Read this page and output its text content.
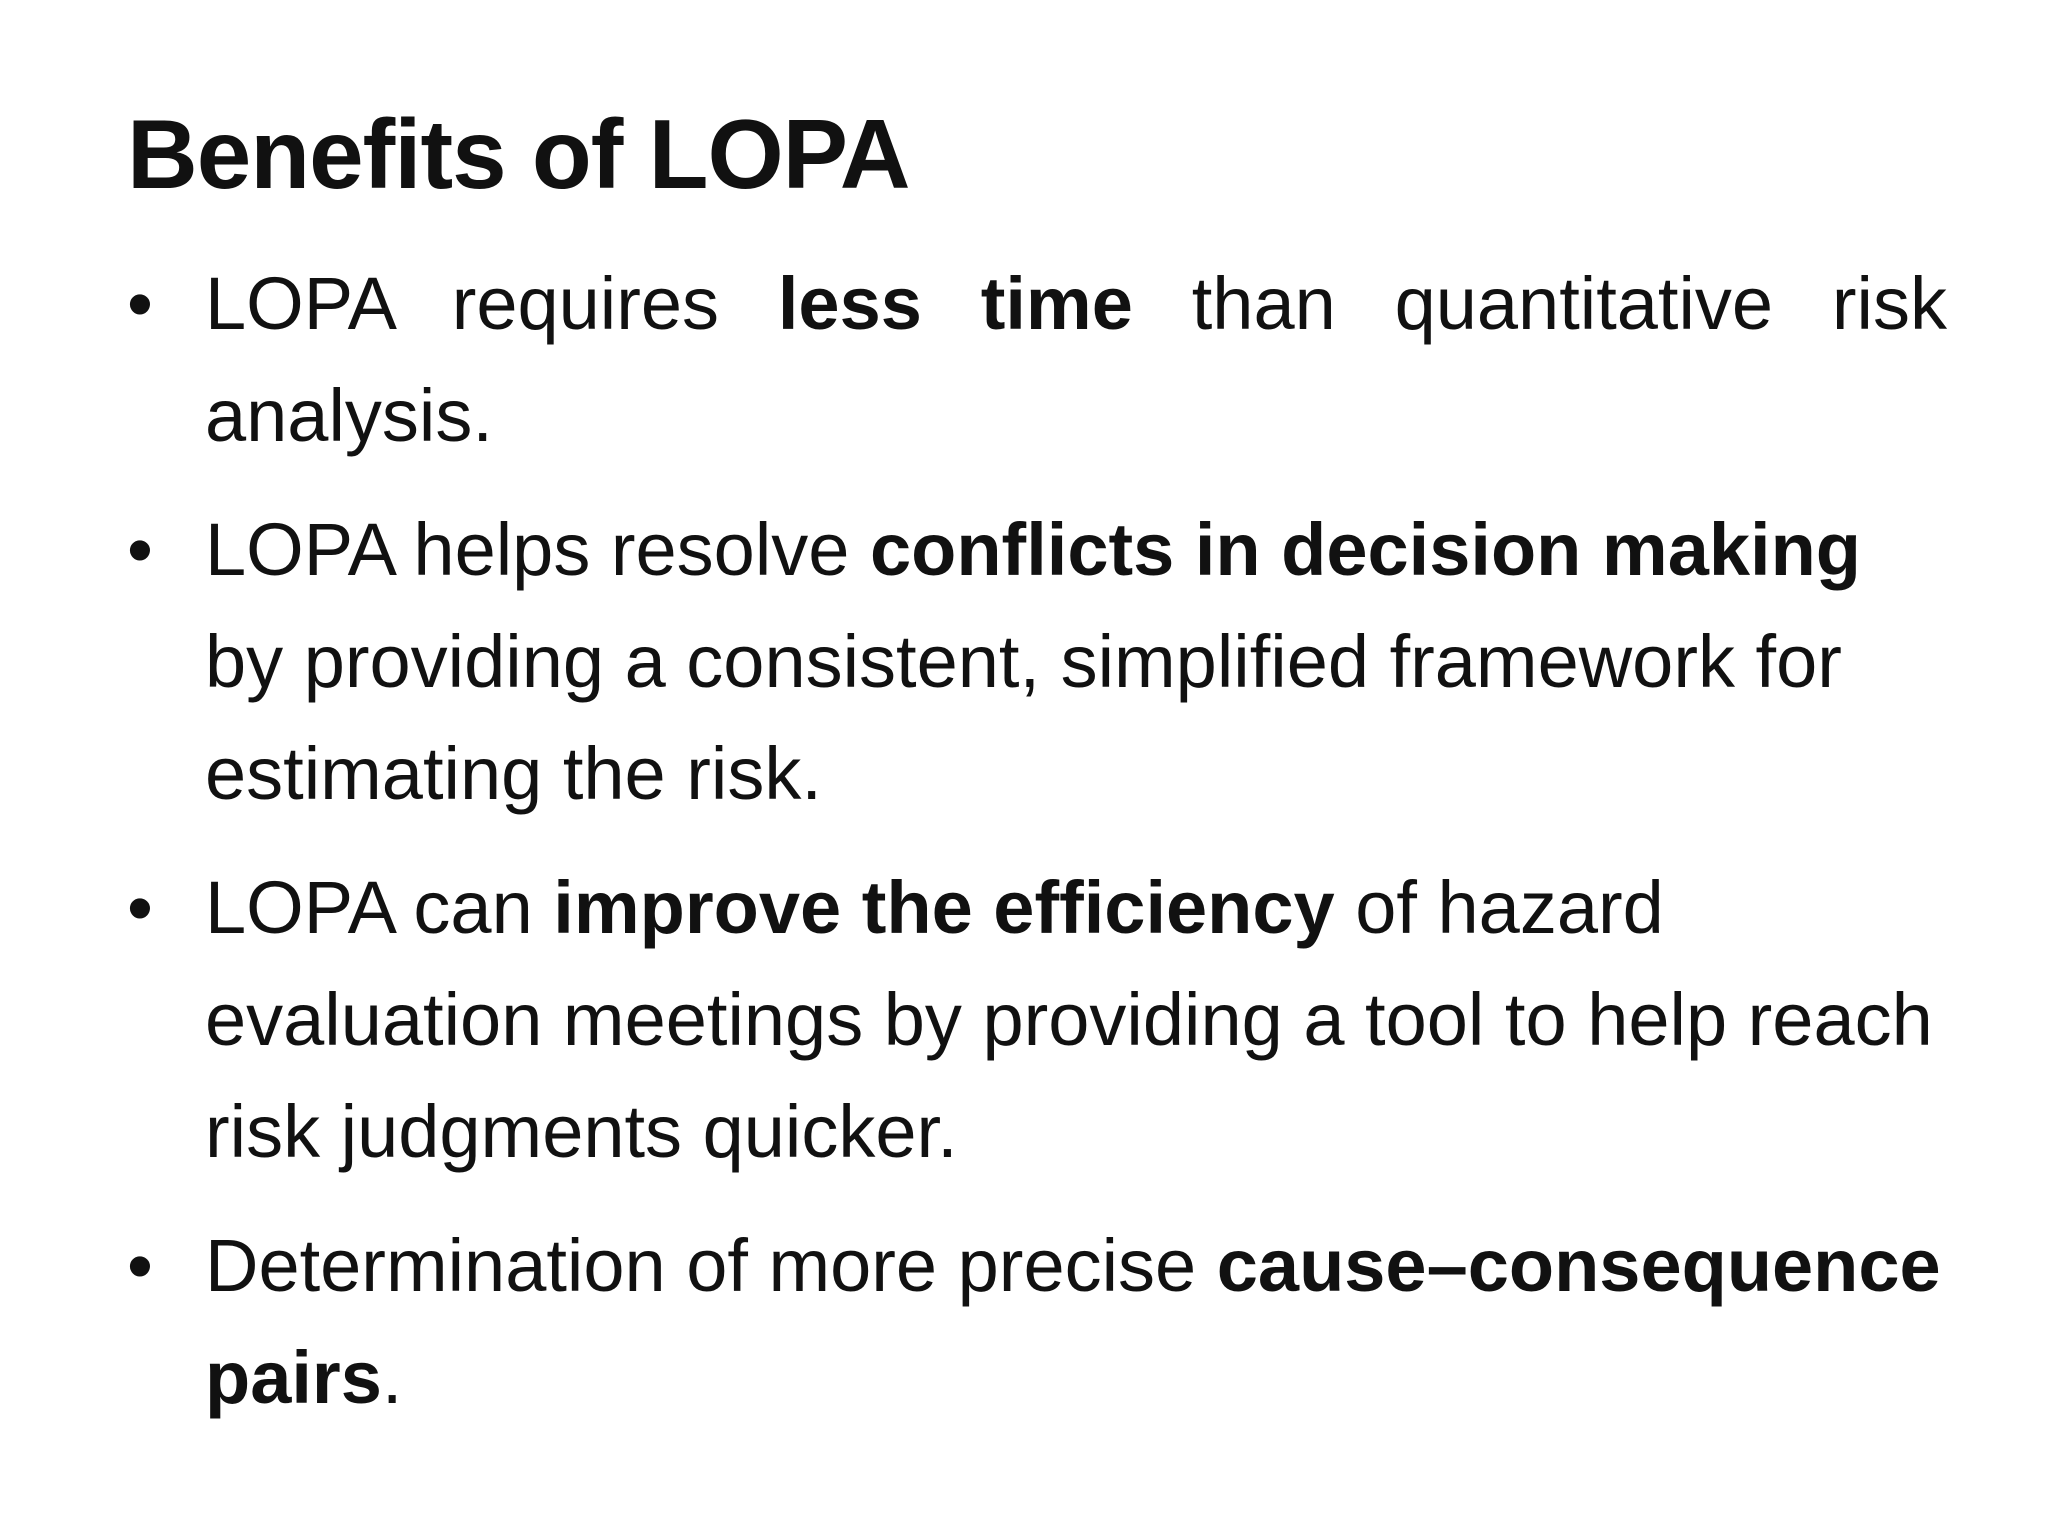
Benefits of LOPA
• LOPA requires less time than quantitative risk analysis.
• LOPA helps resolve conflicts in decision making by providing a consistent, simplified framework for estimating the risk.
• LOPA can improve the efficiency of hazard evaluation meetings by providing a tool to help reach risk judgments quicker.
• Determination of more precise cause–consequence pairs.
